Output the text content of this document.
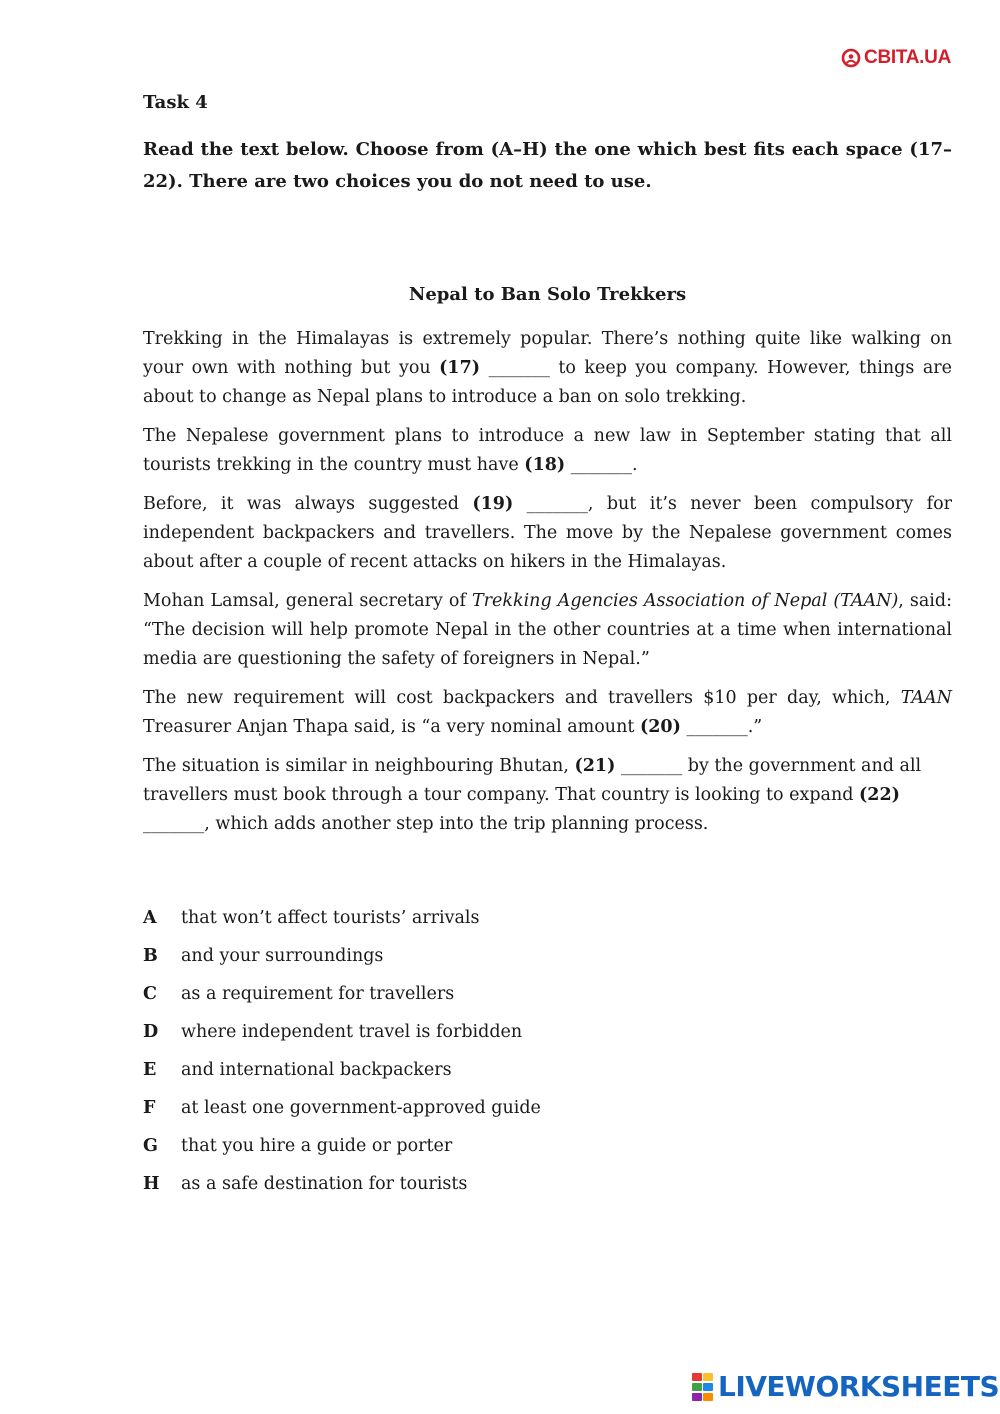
CBITA.UA
Task 4

Read the text below. Choose from (A–H) the one which best fits each space (17–22). There are two choices you do not need to use.

Nepal to Ban Solo Trekkers

Trekking in the Himalayas is extremely popular. There’s nothing quite like walking on your own with nothing but you (17) _______ to keep you company. However, things are about to change as Nepal plans to introduce a ban on solo trekking.

The Nepalese government plans to introduce a new law in September stating that all tourists trekking in the country must have (18) _______.

Before, it was always suggested (19) _______, but it’s never been compulsory for independent backpackers and travellers. The move by the Nepalese government comes about after a couple of recent attacks on hikers in the Himalayas.

Mohan Lamsal, general secretary of Trekking Agencies Association of Nepal (TAAN), said: “The decision will help promote Nepal in the other countries at a time when international media are questioning the safety of foreigners in Nepal.”

The new requirement will cost backpackers and travellers $10 per day, which, TAAN Treasurer Anjan Thapa said, is “a very nominal amount (20) _______.”

The situation is similar in neighbouring Bhutan, (21) _______ by the government and all travellers must book through a tour company. That country is looking to expand (22) _______, which adds another step into the trip planning process.

A	that won’t affect tourists’ arrivals
B	and your surroundings
C	as a requirement for travellers
D	where independent travel is forbidden
E	and international backpackers
F	at least one government-approved guide
G	that you hire a guide or porter
H	as a safe destination for tourists
LIVEWORKSHEETS
